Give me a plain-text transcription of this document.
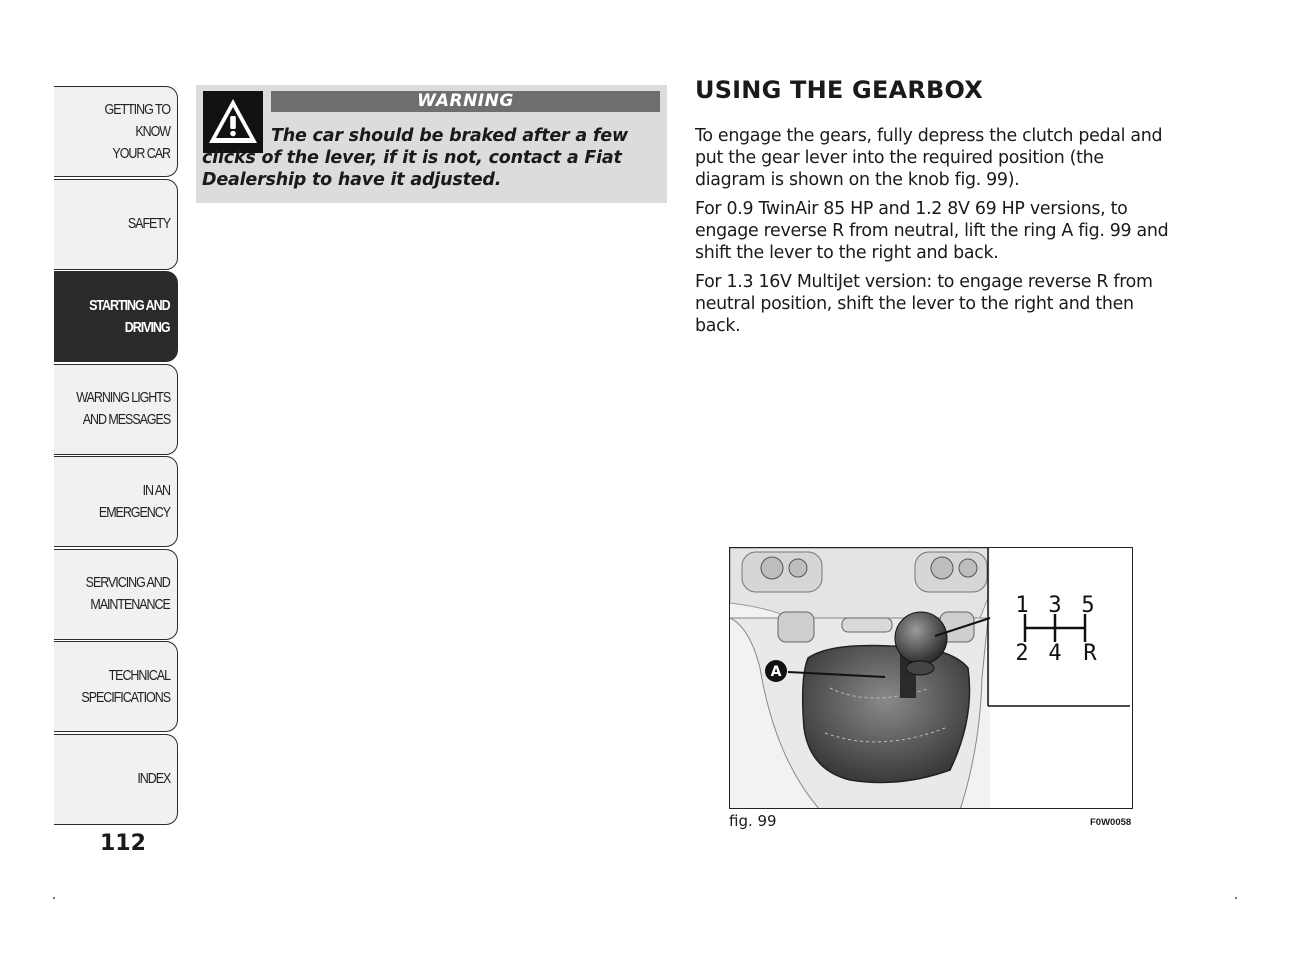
GETTING TO KNOW
YOUR CAR
SAFETY
STARTING AND
DRIVING
WARNING LIGHTS
AND MESSAGES
IN AN EMERGENCY
SERVICING AND
MAINTENANCE
TECHNICAL
SPECIFICATIONS
INDEX
112
WARNING
The car should be braked after a few clicks of the lever, if it is not, contact a Fiat Dealership to have it adjusted.
USING THE GEARBOX

To engage the gears, fully depress the clutch pedal and put the gear lever into the required position (the diagram is shown on the knob fig. 99).

For 0.9 TwinAir 85 HP and 1.2 8V 69 HP versions, to engage reverse R from neutral, lift the ring A fig. 99 and shift the lever to the right and back.

For 1.3 16V MultiJet version: to engage reverse R from neutral position, shift the lever to the right and then back.

A
1 3 5
2 4 R
fig. 99	F0W0058
